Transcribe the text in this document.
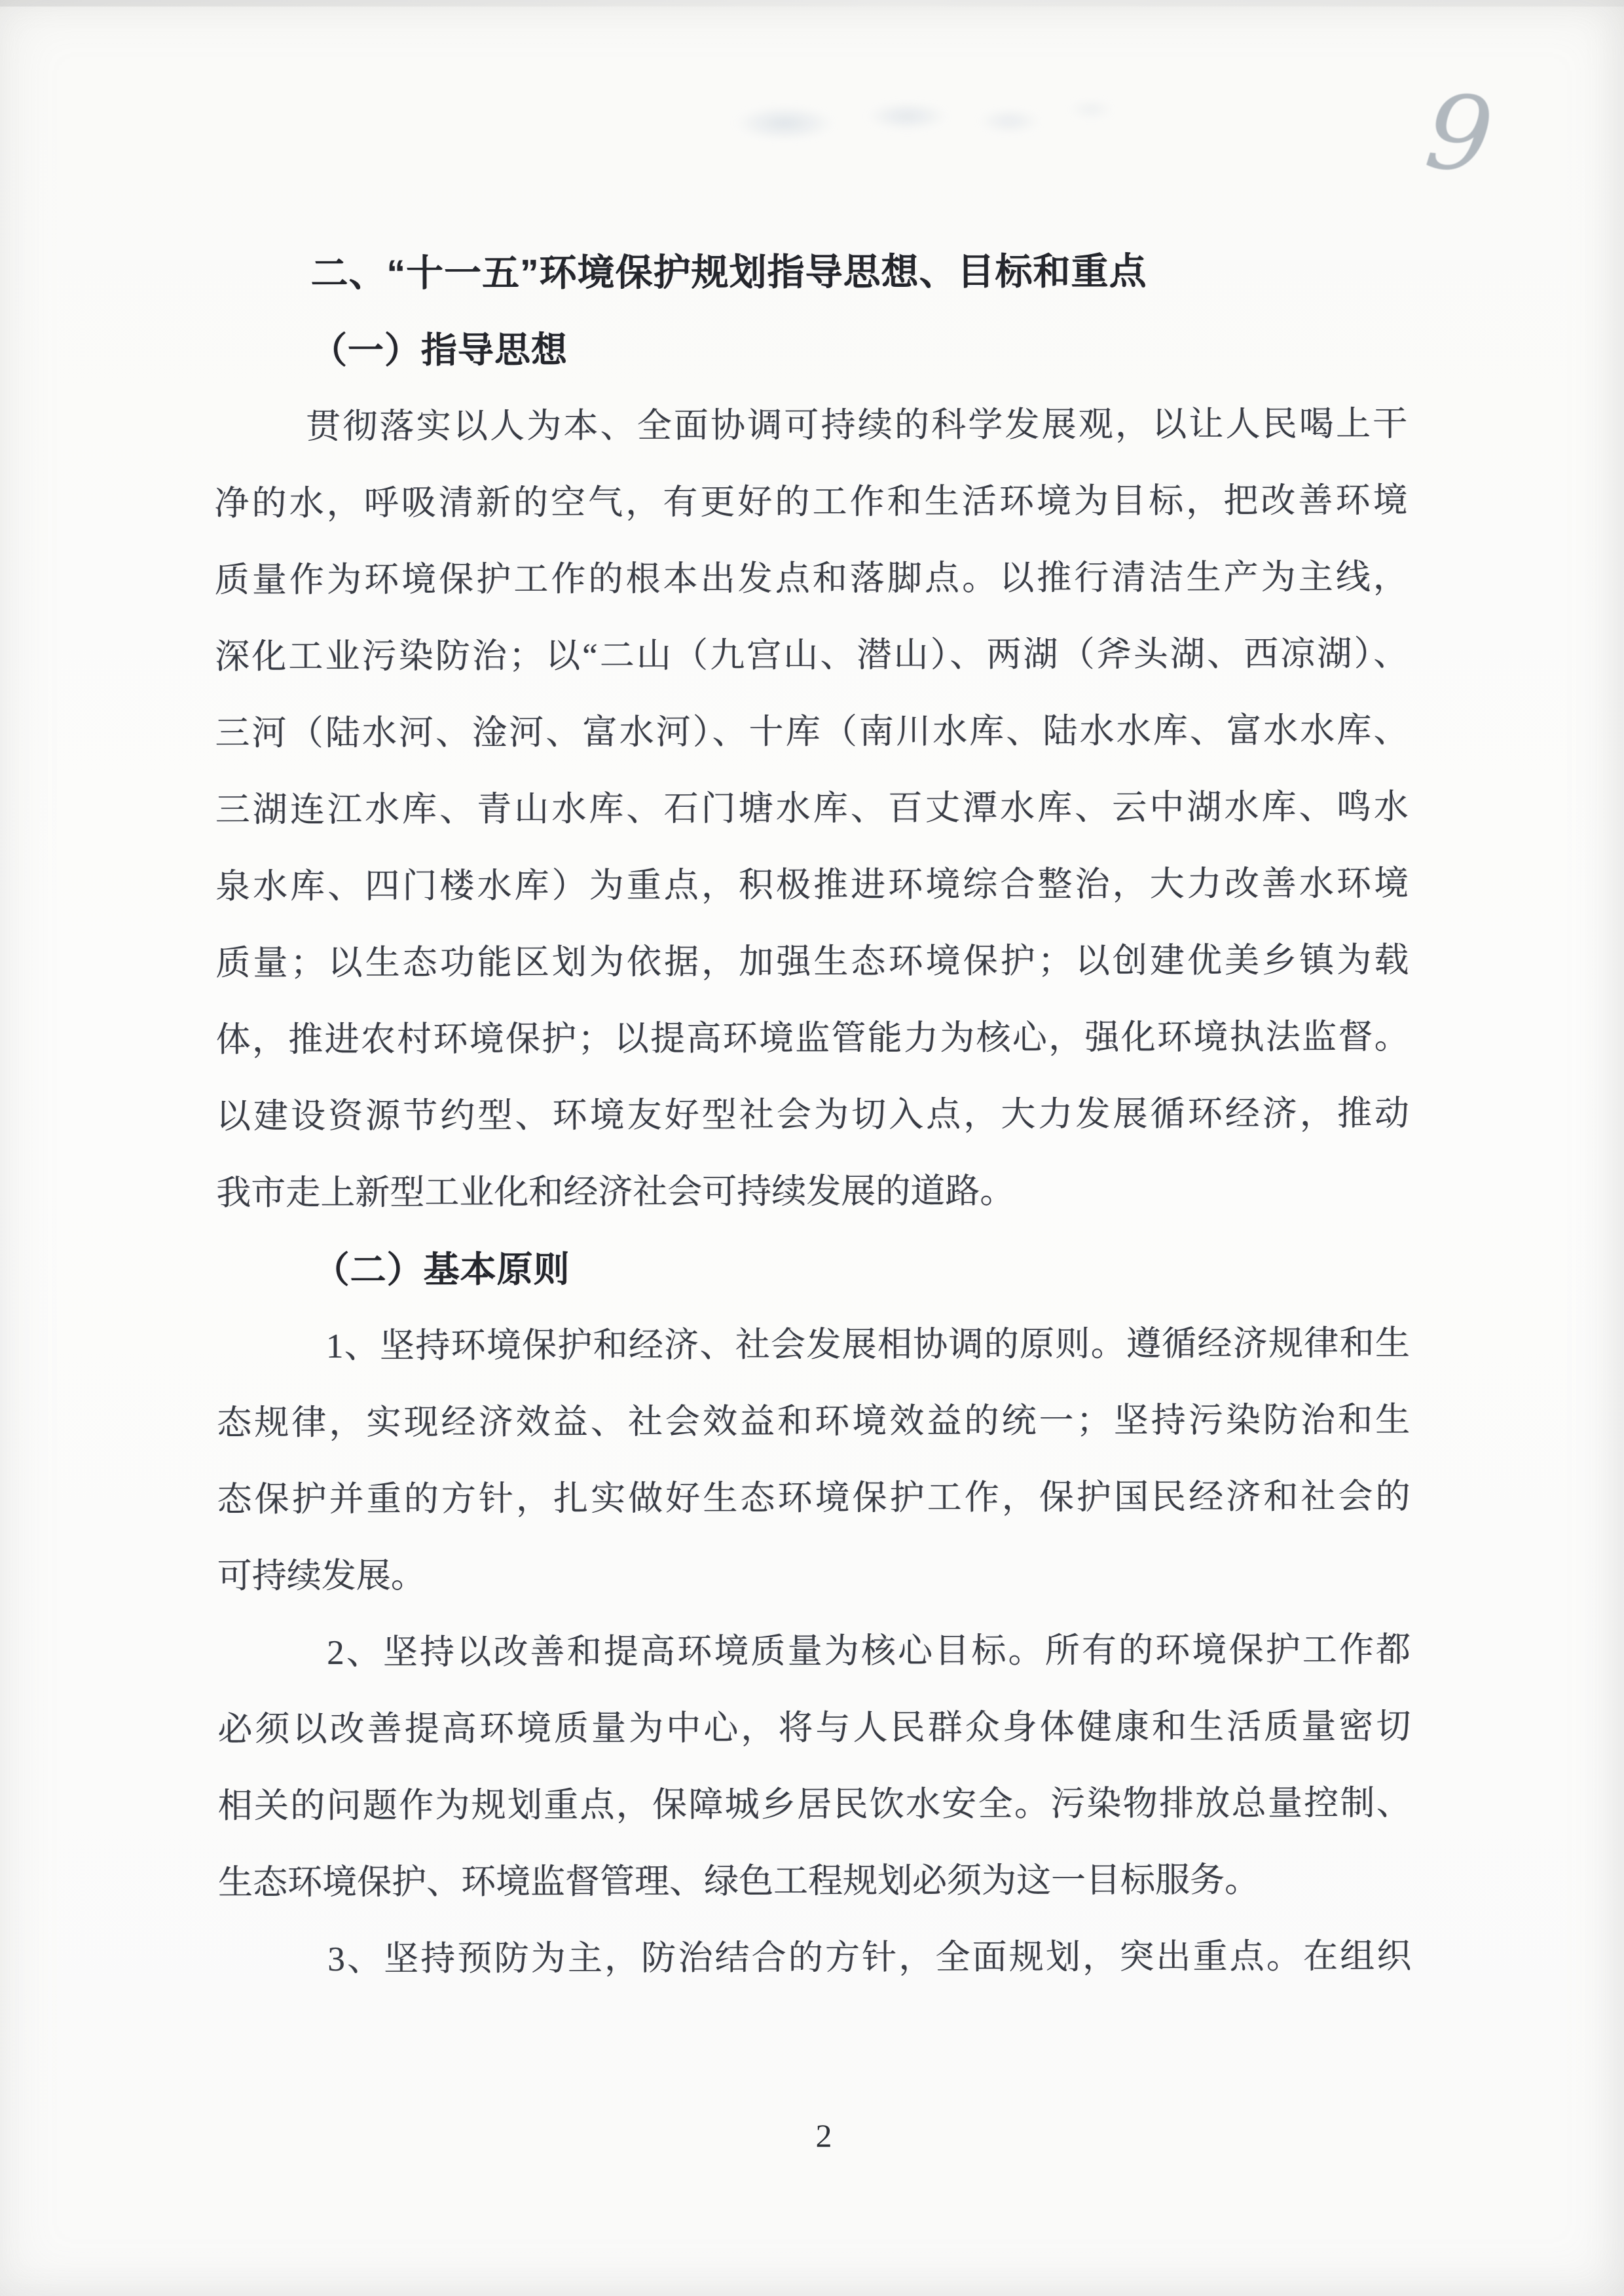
9
二、“十一五”环境保护规划指导思想、目标和重点
（一）指导思想
贯彻落实以人为本、全面协调可持续的科学发展观，以让人民喝上干
净的水，呼吸清新的空气，有更好的工作和生活环境为目标，把改善环境
质量作为环境保护工作的根本出发点和落脚点。以推行清洁生产为主线，
深化工业污染防治；以“二山（九宫山、潜山）、两湖（斧头湖、西凉湖）、
三河（陆水河、淦河、富水河）、十库（南川水库、陆水水库、富水水库、
三湖连江水库、青山水库、石门塘水库、百丈潭水库、云中湖水库、鸣水
泉水库、四门楼水库）为重点，积极推进环境综合整治，大力改善水环境
质量；以生态功能区划为依据，加强生态环境保护；以创建优美乡镇为载
体，推进农村环境保护；以提高环境监管能力为核心，强化环境执法监督。
以建设资源节约型、环境友好型社会为切入点，大力发展循环经济，推动
我市走上新型工业化和经济社会可持续发展的道路。
（二）基本原则
1、坚持环境保护和经济、社会发展相协调的原则。遵循经济规律和生
态规律，实现经济效益、社会效益和环境效益的统一；坚持污染防治和生
态保护并重的方针，扎实做好生态环境保护工作，保护国民经济和社会的
可持续发展。
2、坚持以改善和提高环境质量为核心目标。所有的环境保护工作都
必须以改善提高环境质量为中心，将与人民群众身体健康和生活质量密切
相关的问题作为规划重点，保障城乡居民饮水安全。污染物排放总量控制、
生态环境保护、环境监督管理、绿色工程规划必须为这一目标服务。
3、坚持预防为主，防治结合的方针，全面规划，突出重点。在组织
2
